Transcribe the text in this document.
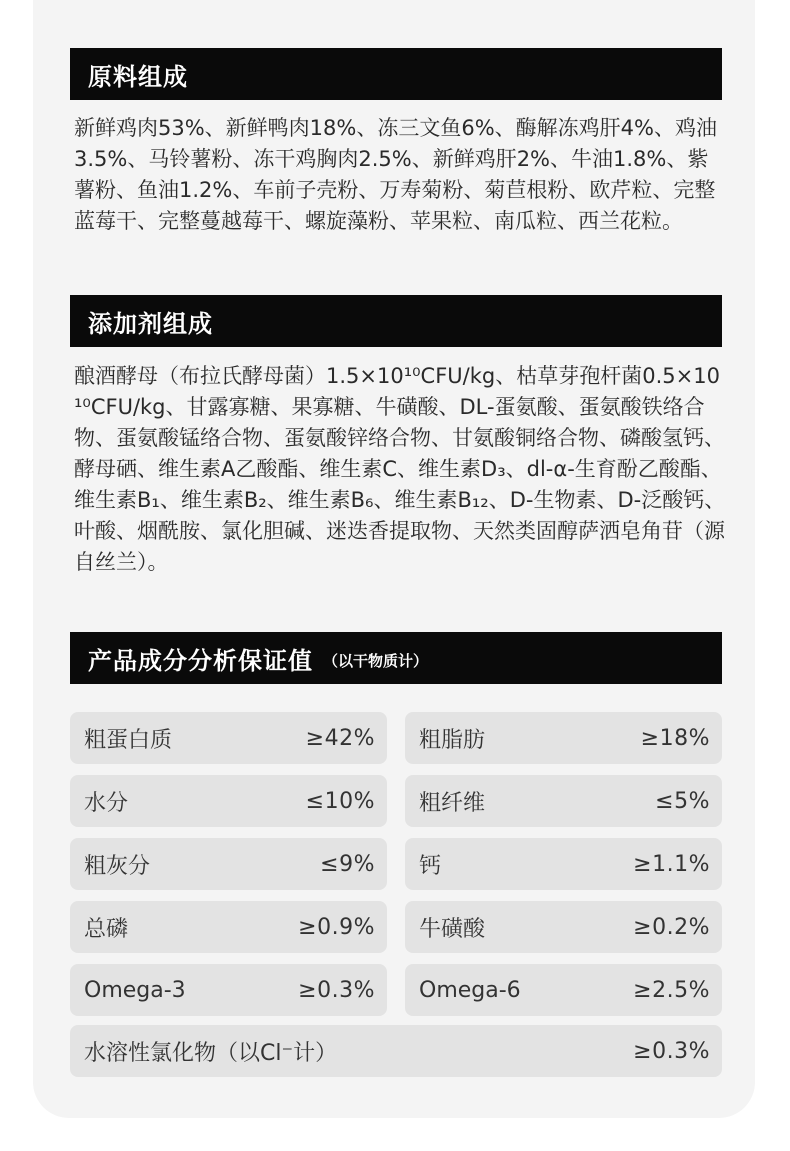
原料组成

新鲜鸡肉53%、新鲜鸭肉18%、冻三文鱼6%、酶解冻鸡肝4%、鸡油3.5%、马铃薯粉、冻干鸡胸肉2.5%、新鲜鸡肝2%、牛油1.8%、紫薯粉、鱼油1.2%、车前子壳粉、万寿菊粉、菊苣根粉、欧芹粒、完整蓝莓干、完整蔓越莓干、螺旋藻粉、苹果粒、南瓜粒、西兰花粒。

添加剂组成

酿酒酵母（布拉氏酵母菌）1.5×10¹⁰CFU/kg、枯草芽孢杆菌0.5×10¹⁰CFU/kg、甘露寡糖、果寡糖、牛磺酸、DL-蛋氨酸、蛋氨酸铁络合物、蛋氨酸锰络合物、蛋氨酸锌络合物、甘氨酸铜络合物、磷酸氢钙、酵母硒、维生素A乙酸酯、维生素C、维生素D₃、dl-α-生育酚乙酸酯、维生素B₁、维生素B₂、维生素B₆、维生素B₁₂、D-生物素、D-泛酸钙、叶酸、烟酰胺、氯化胆碱、迷迭香提取物、天然类固醇萨洒皂角苷（源自丝兰）。

产品成分分析保证值 （以干物质计）
粗蛋白质	≥42% 粗脂肪	≥18%
水分	≤10% 粗纤维	≤5%
粗灰分	≤9% 钙	≥1.1%
总磷	≥0.9% 牛磺酸	≥0.2%
Omega-3	≥0.3% Omega-6	≥2.5%
水溶性氯化物（以Cl⁻计）	≥0.3%
